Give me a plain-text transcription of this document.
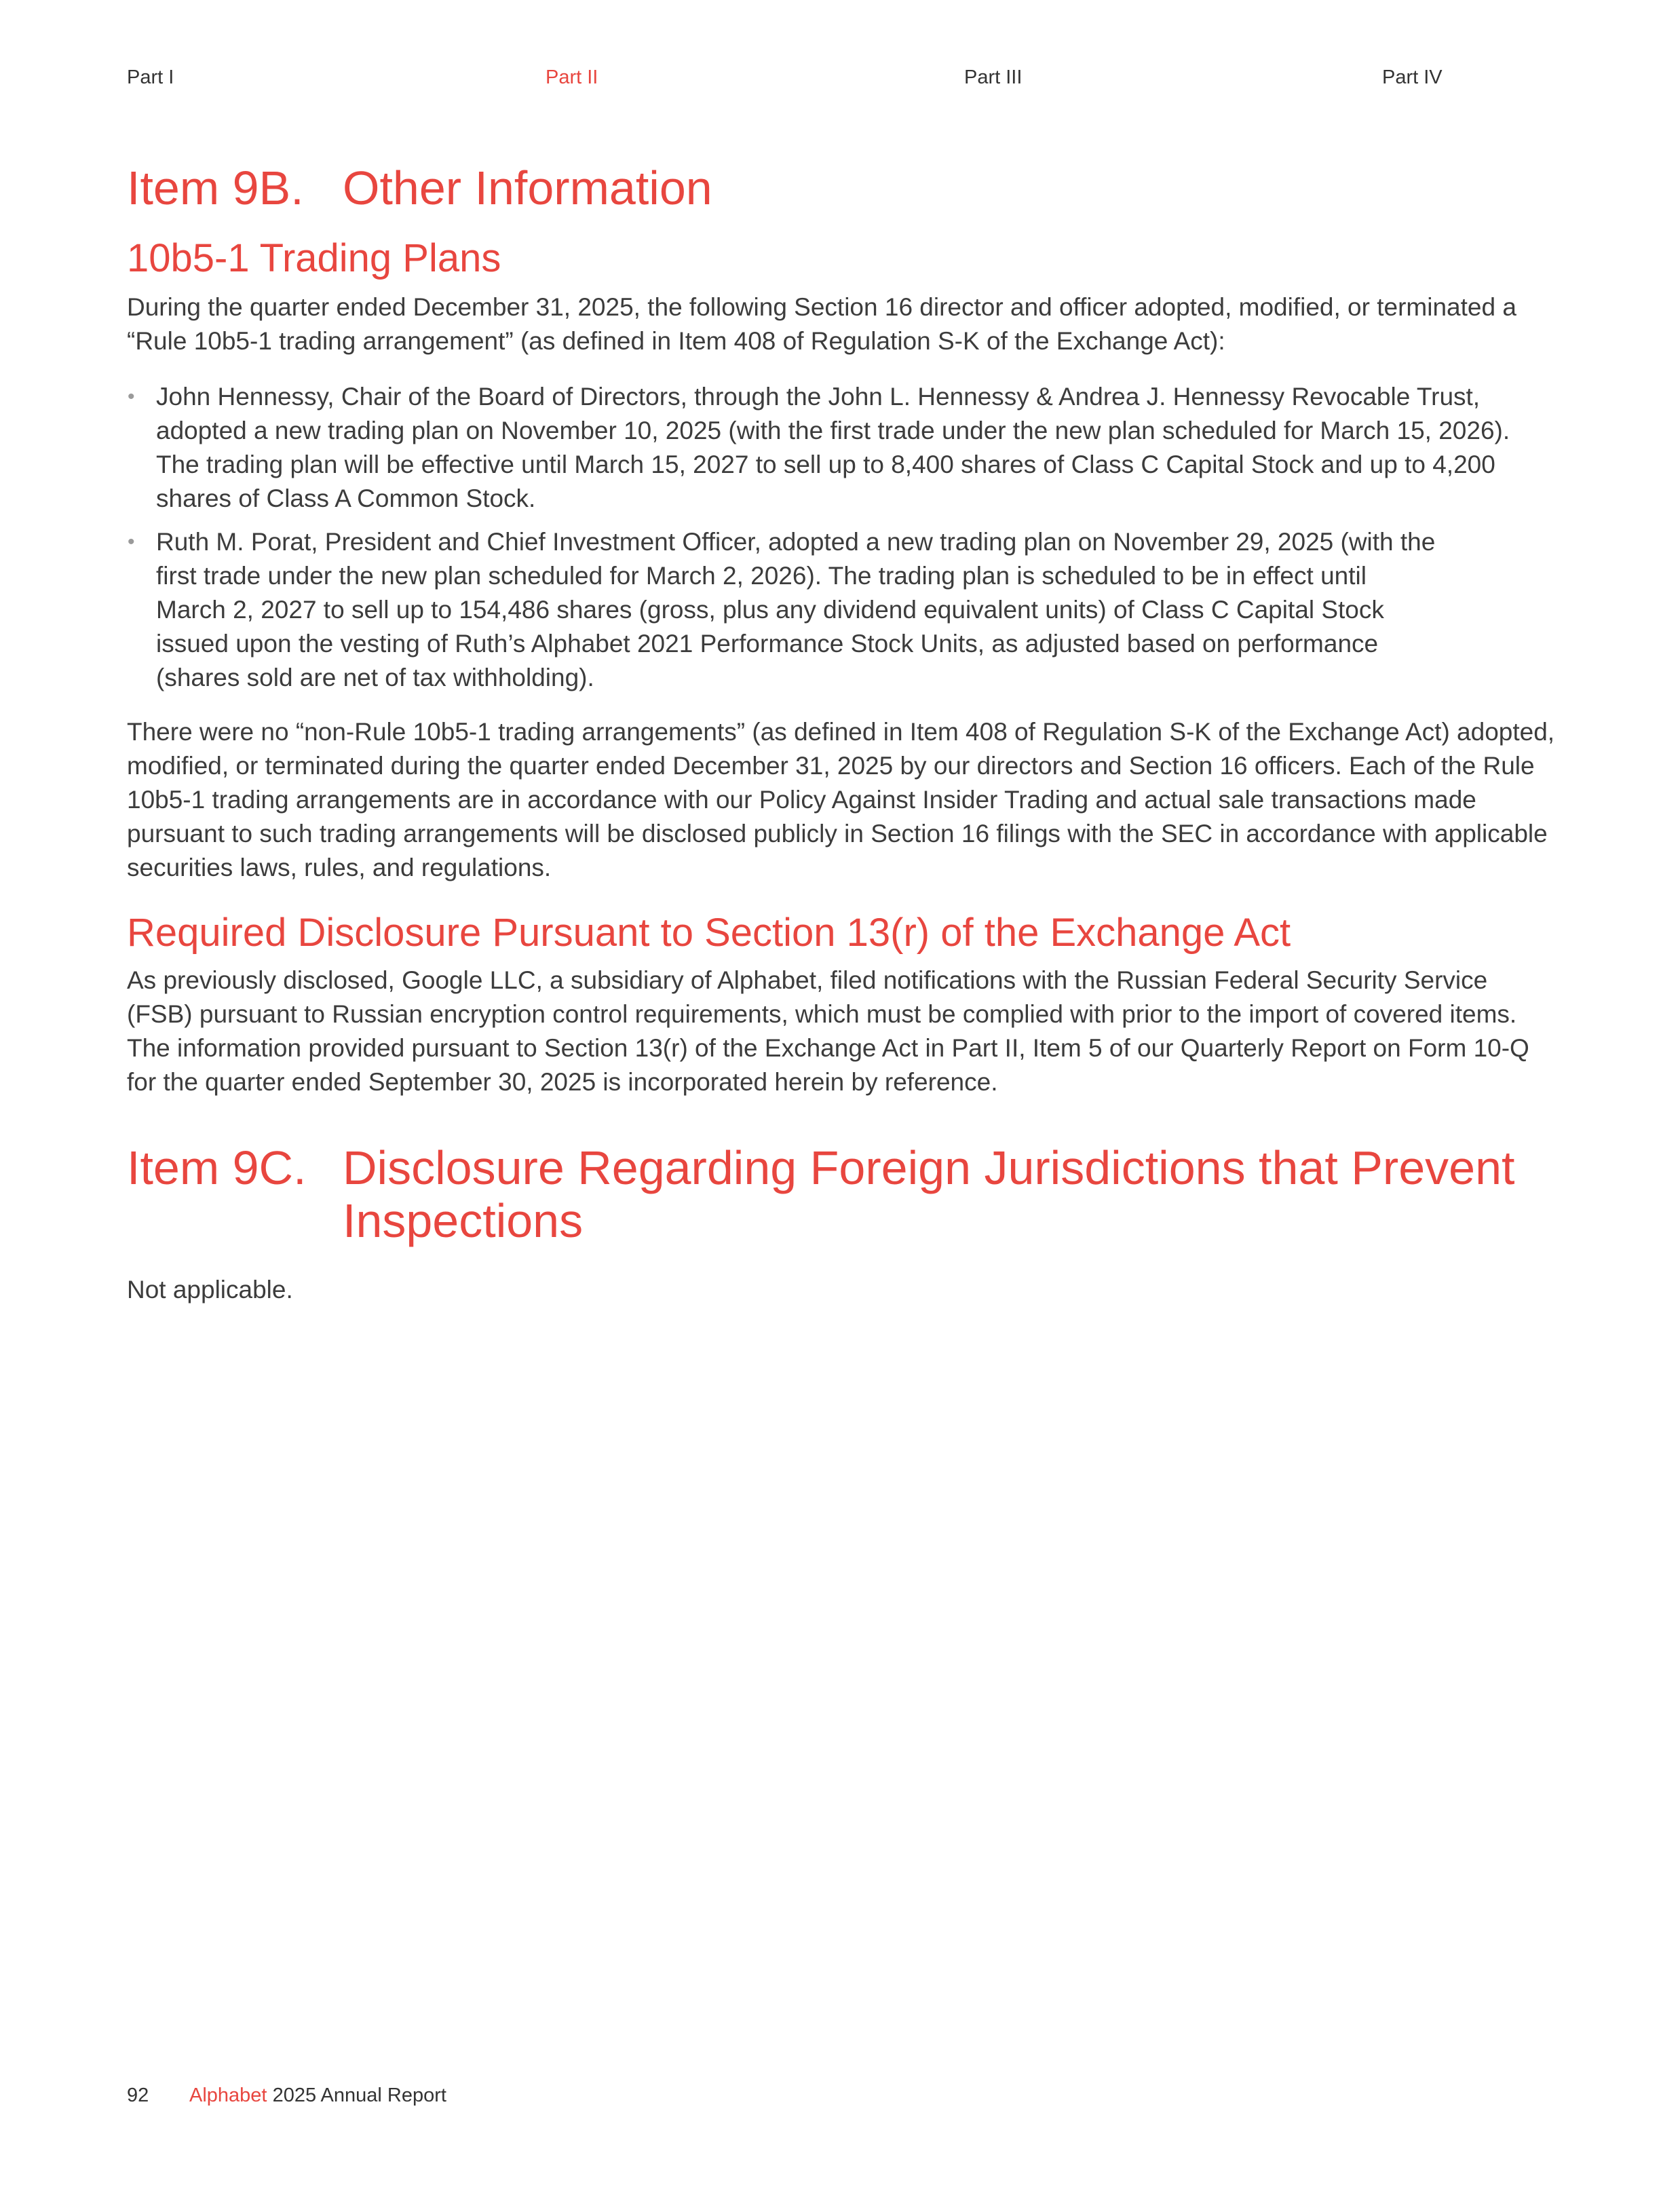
Part I	Part II	Part III	Part IV
Item 9B. Other Information
10b5-1 Trading Plans

During the quarter ended December 31, 2025, the following Section 16 director and officer adopted, modified, or terminated a “Rule 10b5-1 trading arrangement” (as defined in Item 408 of Regulation S-K of the Exchange Act):

• John Hennessy, Chair of the Board of Directors, through the John L. Hennessy & Andrea J. Hennessy Revocable Trust, adopted a new trading plan on November 10, 2025 (with the first trade under the new plan scheduled for March 15, 2026). The trading plan will be effective until March 15, 2027 to sell up to 8,400 shares of Class C Capital Stock and up to 4,200 shares of Class A Common Stock.
• Ruth M. Porat, President and Chief Investment Officer, adopted a new trading plan on November 29, 2025 (with the first trade under the new plan scheduled for March 2, 2026). The trading plan is scheduled to be in effect until March 2, 2027 to sell up to 154,486 shares (gross, plus any dividend equivalent units) of Class C Capital Stock issued upon the vesting of Ruth’s Alphabet 2021 Performance Stock Units, as adjusted based on performance (shares sold are net of tax withholding).

There were no “non-Rule 10b5-1 trading arrangements” (as defined in Item 408 of Regulation S-K of the Exchange Act) adopted, modified, or terminated during the quarter ended December 31, 2025 by our directors and Section 16 officers. Each of the Rule 10b5-1 trading arrangements are in accordance with our Policy Against Insider Trading and actual sale transactions made pursuant to such trading arrangements will be disclosed publicly in Section 16 filings with the SEC in accordance with applicable securities laws, rules, and regulations.

Required Disclosure Pursuant to Section 13(r) of the Exchange Act

As previously disclosed, Google LLC, a subsidiary of Alphabet, filed notifications with the Russian Federal Security Service (FSB) pursuant to Russian encryption control requirements, which must be complied with prior to the import of covered items. The information provided pursuant to Section 13(r) of the Exchange Act in Part II, Item 5 of our Quarterly Report on Form 10-Q for the quarter ended September 30, 2025 is incorporated herein by reference.

Item 9C. Disclosure Regarding Foreign Jurisdictions that Prevent Inspections

Not applicable.

92 Alphabet 2025 Annual Report
